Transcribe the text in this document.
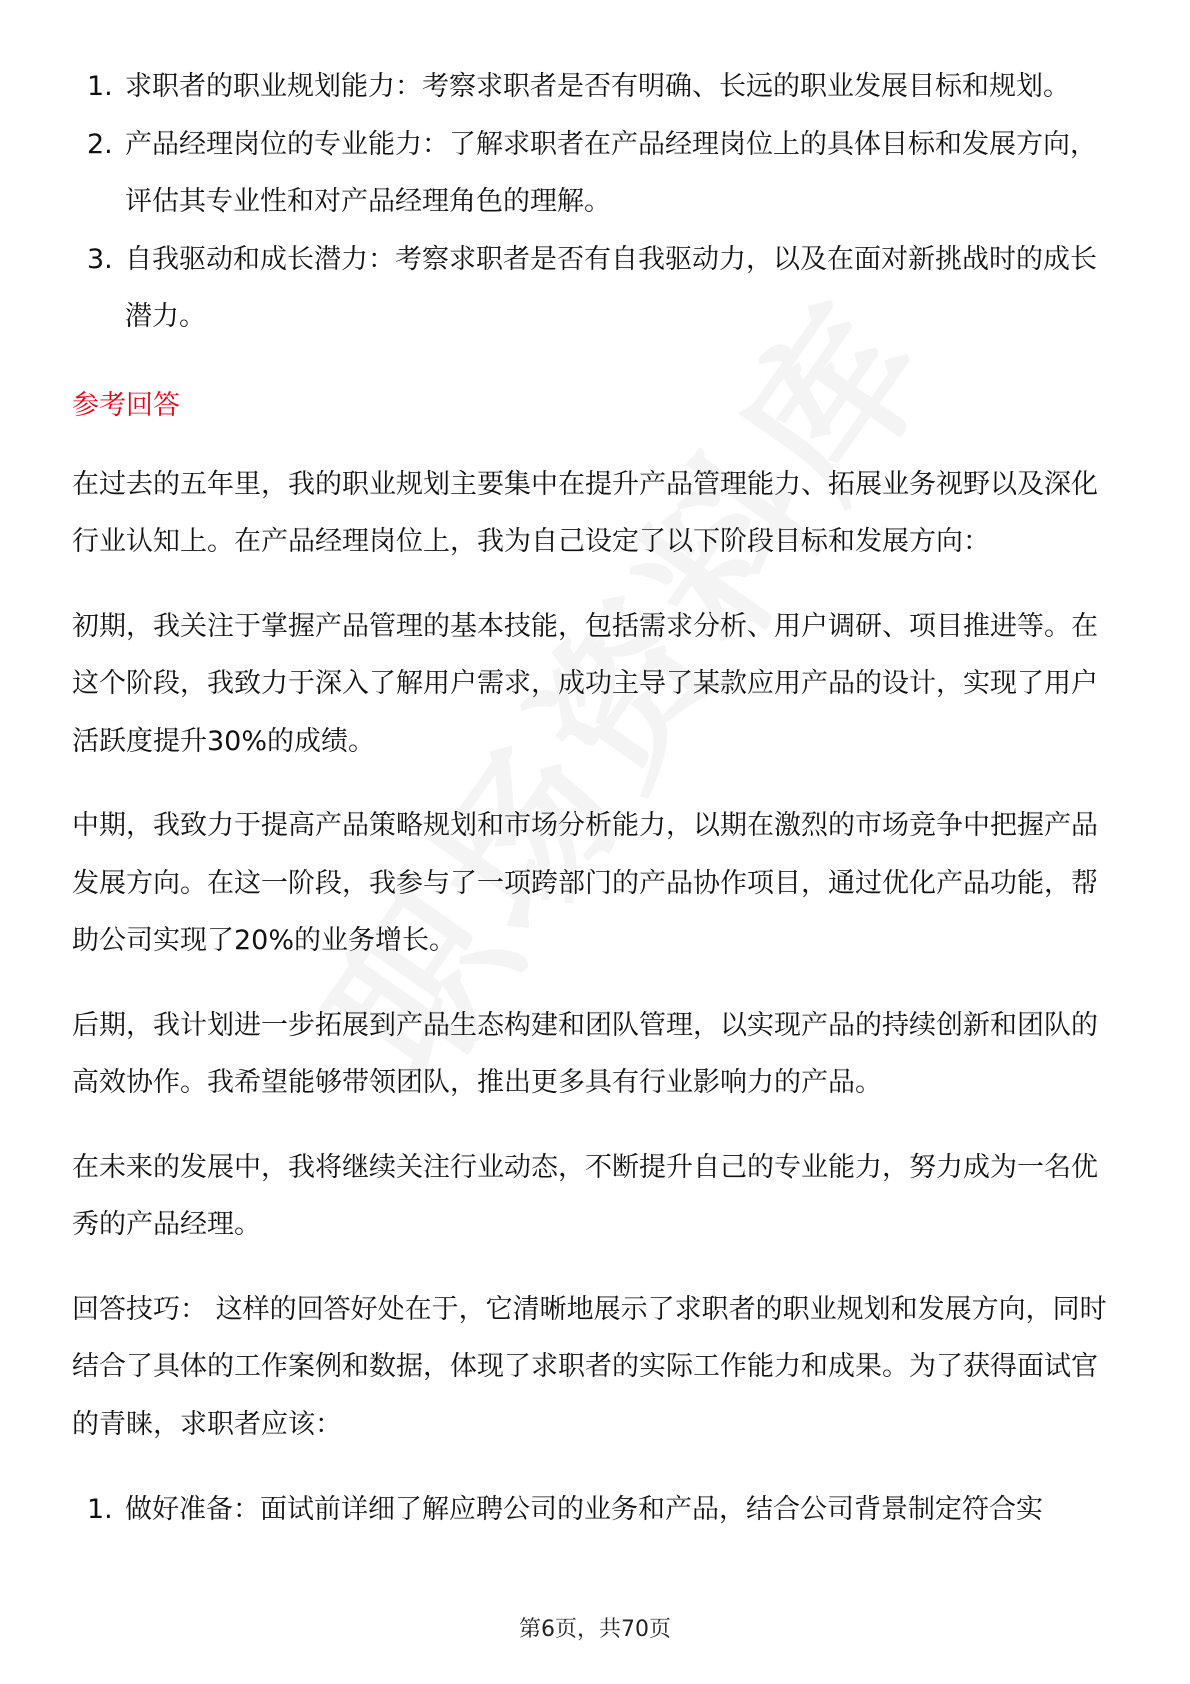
1. 求职者的职业规划能力：考察求职者是否有明确、长远的职业发展目标和规划。
2. 产品经理岗位的专业能力：了解求职者在产品经理岗位上的具体目标和发展方向，评估其专业性和对产品经理角色的理解。
3. 自我驱动和成长潜力：考察求职者是否有自我驱动力，以及在面对新挑战时的成长潜力。
参考回答

在过去的五年里，我的职业规划主要集中在提升产品管理能力、拓展业务视野以及深化行业认知上。在产品经理岗位上，我为自己设定了以下阶段目标和发展方向：

初期，我关注于掌握产品管理的基本技能，包括需求分析、用户调研、项目推进等。在这个阶段，我致力于深入了解用户需求，成功主导了某款应用产品的设计，实现了用户活跃度提升30%的成绩。

中期，我致力于提高产品策略规划和市场分析能力，以期在激烈的市场竞争中把握产品发展方向。在这一阶段，我参与了一项跨部门的产品协作项目，通过优化产品功能，帮助公司实现了20%的业务增长。

后期，我计划进一步拓展到产品生态构建和团队管理，以实现产品的持续创新和团队的高效协作。我希望能够带领团队，推出更多具有行业影响力的产品。

在未来的发展中，我将继续关注行业动态，不断提升自己的专业能力，努力成为一名优秀的产品经理。

回答技巧： 这样的回答好处在于，它清晰地展示了求职者的职业规划和发展方向，同时结合了具体的工作案例和数据，体现了求职者的实际工作能力和成果。为了获得面试官的青睐，求职者应该：

1. 做好准备：面试前详细了解应聘公司的业务和产品，结合公司背景制定符合实
第6页，共70页
